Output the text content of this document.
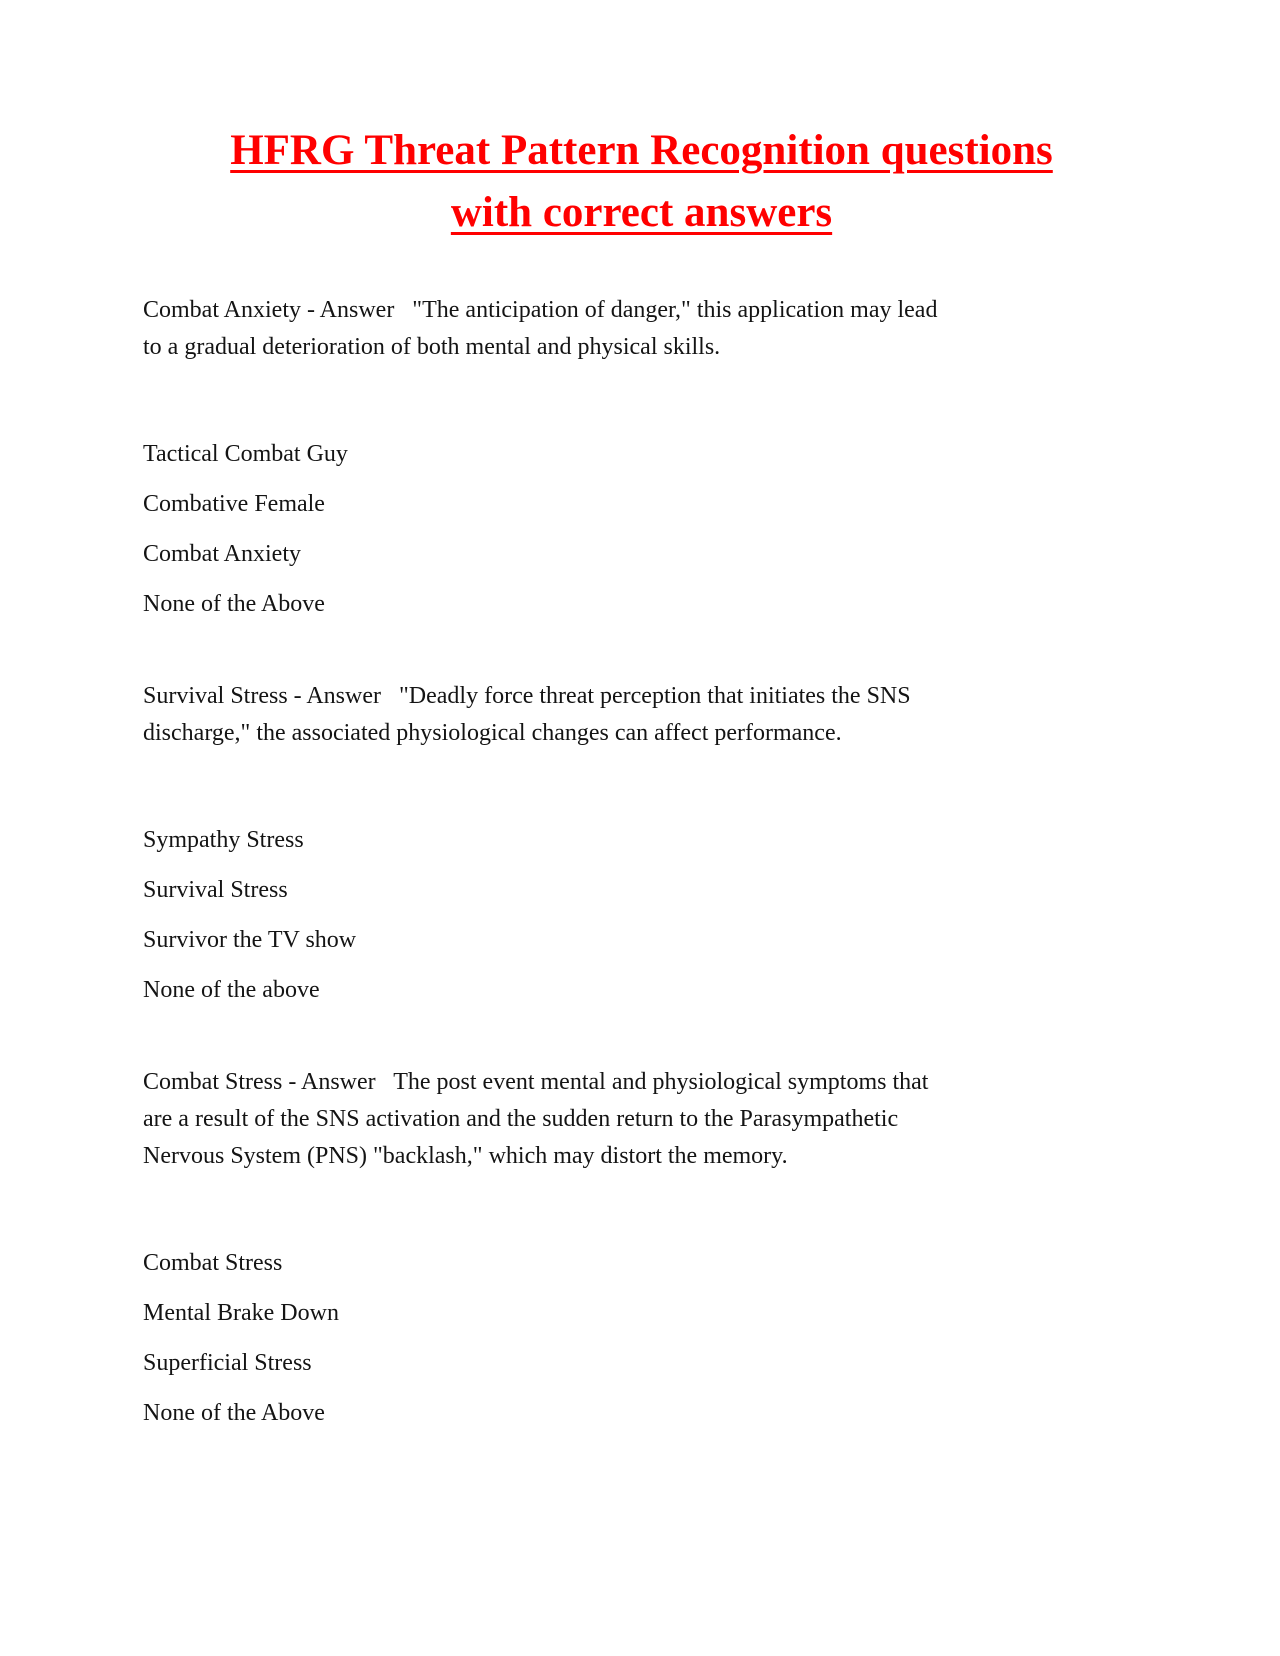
HFRG Threat Pattern Recognition questions
with correct answers
Combat Anxiety - Answer   "The anticipation of danger," this application may lead
to a gradual deterioration of both mental and physical skills.
Tactical Combat Guy
Combative Female
Combat Anxiety
None of the Above
Survival Stress - Answer   "Deadly force threat perception that initiates the SNS
discharge," the associated physiological changes can affect performance.
Sympathy Stress
Survival Stress
Survivor the TV show
None of the above
Combat Stress - Answer   The post event mental and physiological symptoms that
are a result of the SNS activation and the sudden return to the Parasympathetic
Nervous System (PNS) "backlash," which may distort the memory.
Combat Stress
Mental Brake Down
Superficial Stress
None of the Above
